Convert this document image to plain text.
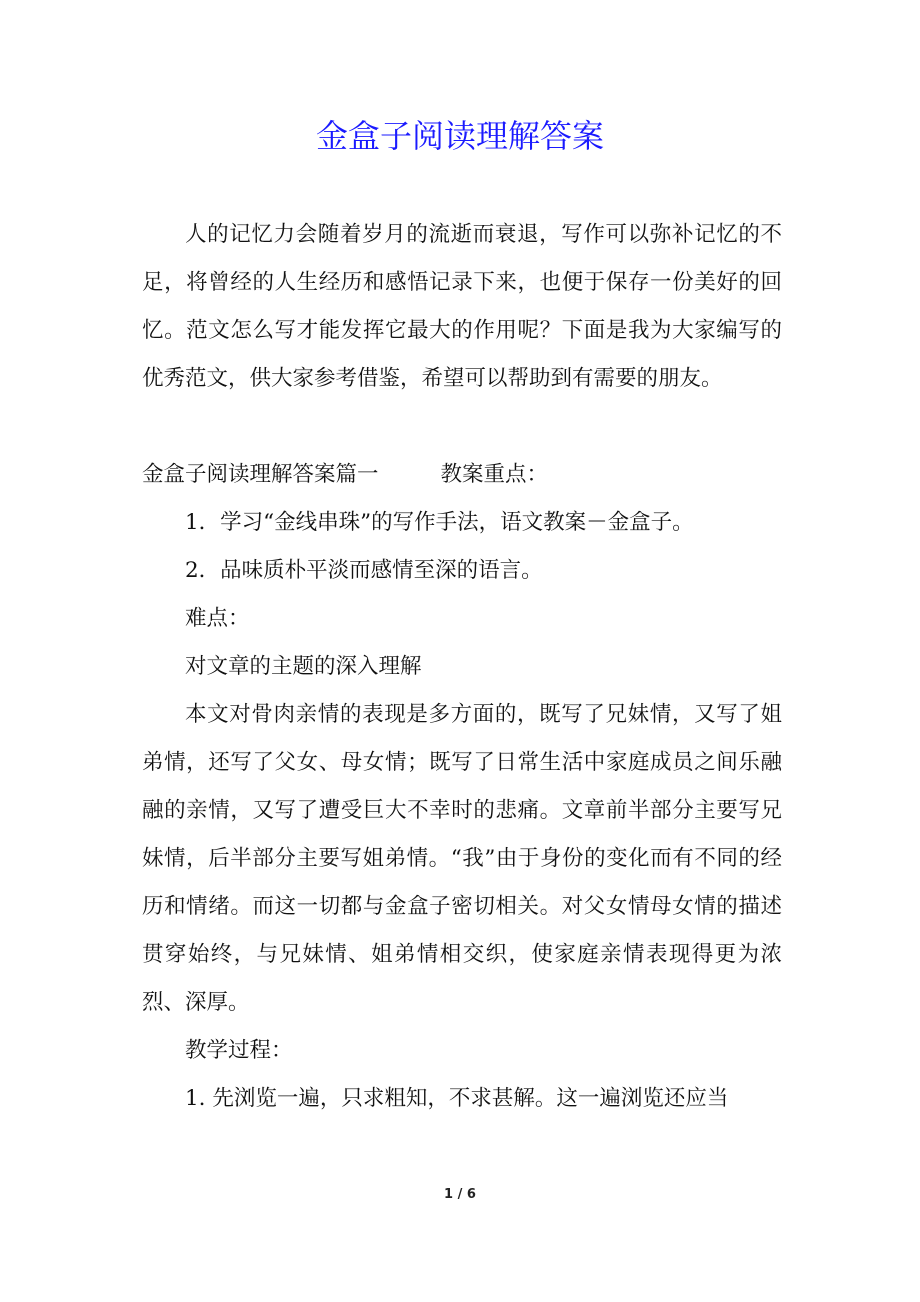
金盒子阅读理解答案

人的记忆力会随着岁月的流逝而衰退，写作可以弥补记忆的不足，将曾经的人生经历和感悟记录下来，也便于保存一份美好的回忆。范文怎么写才能发挥它最大的作用呢？下面是我为大家编写的优秀范文，供大家参考借鉴，希望可以帮助到有需要的朋友。

金盒子阅读理解答案篇一	教案重点：

1．学习“金线串珠”的写作手法，语文教案－金盒子。

2．品味质朴平淡而感情至深的语言。

难点：

对文章的主题的深入理解

本文对骨肉亲情的表现是多方面的，既写了兄妹情，又写了姐弟情，还写了父女、母女情；既写了日常生活中家庭成员之间乐融融的亲情，又写了遭受巨大不幸时的悲痛。文章前半部分主要写兄妹情，后半部分主要写姐弟情。“我”由于身份的变化而有不同的经历和情绪。而这一切都与金盒子密切相关。对父女情母女情的描述贯穿始终，与兄妹情、姐弟情相交织，使家庭亲情表现得更为浓烈、深厚。

教学过程：

1. 先浏览一遍，只求粗知，不求甚解。这一遍浏览还应当

1 / 6
